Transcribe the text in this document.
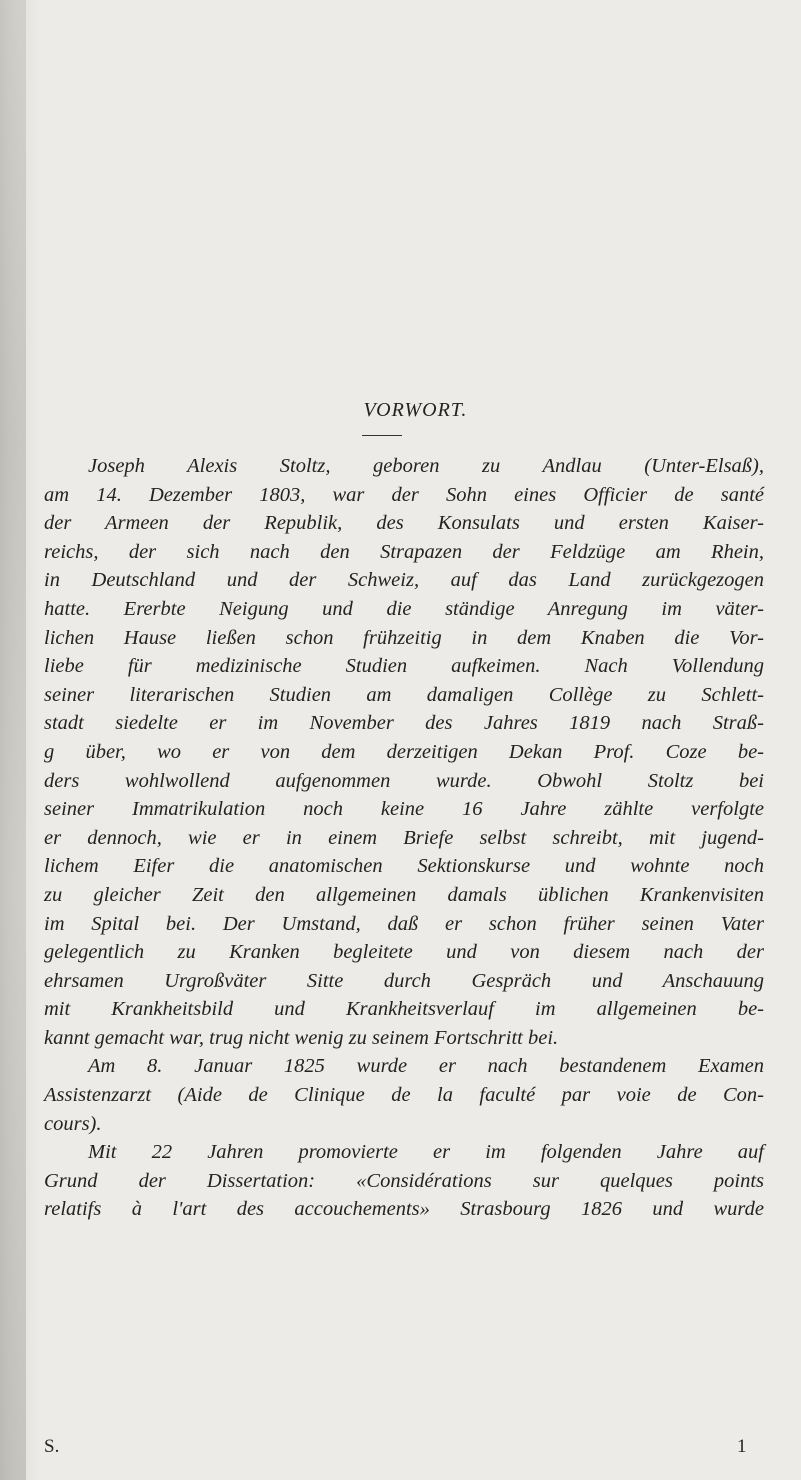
VORWORT.
Joseph Alexis Stoltz, geboren zu Andlau (Unter-Elsaß),
am 14. Dezember 1803, war der Sohn eines Officier de santé
der Armeen der Republik, des Konsulats und ersten Kaiser-
reichs, der sich nach den Strapazen der Feldzüge am Rhein,
in Deutschland und der Schweiz, auf das Land zurückgezogen
hatte. Ererbte Neigung und die ständige Anregung im väter-
lichen Hause ließen schon frühzeitig in dem Knaben die Vor-
liebe für medizinische Studien aufkeimen. Nach Vollendung
seiner literarischen Studien am damaligen Collège zu Schlett-
stadt siedelte er im November des Jahres 1819 nach Straß-
g über, wo er von dem derzeitigen Dekan Prof. Coze be-
ders wohlwollend aufgenommen wurde. Obwohl Stoltz bei
seiner Immatrikulation noch keine 16 Jahre zählte verfolgte
er dennoch, wie er in einem Briefe selbst schreibt, mit jugend-
lichem Eifer die anatomischen Sektionskurse und wohnte noch
zu gleicher Zeit den allgemeinen damals üblichen Krankenvisiten
im Spital bei. Der Umstand, daß er schon früher seinen Vater
gelegentlich zu Kranken begleitete und von diesem nach der
ehrsamen Urgroßväter Sitte durch Gespräch und Anschauung
mit Krankheitsbild und Krankheitsverlauf im allgemeinen be-
kannt gemacht war, trug nicht wenig zu seinem Fortschritt bei.
Am 8. Januar 1825 wurde er nach bestandenem Examen
Assistenzarzt (Aide de Clinique de la faculté par voie de Con-
cours).
Mit 22 Jahren promovierte er im folgenden Jahre auf
Grund der Dissertation: «Considérations sur quelques points
relatifs à l'art des accouchements» Strasbourg 1826 und wurde
S.	1
